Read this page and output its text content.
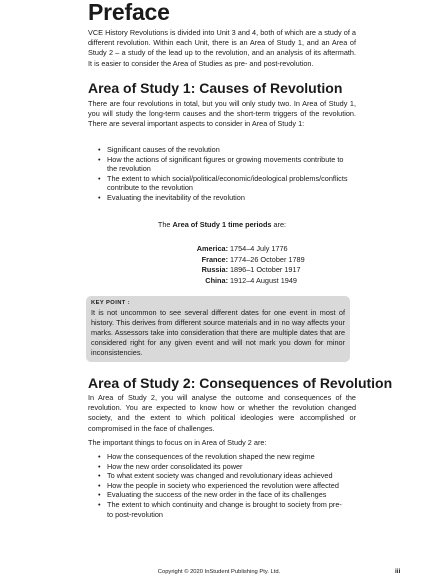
Preface

VCE History Revolutions is divided into Unit 3 and 4, both of which are a study of a different revolution. Within each Unit, there is an Area of Study 1, and an Area of Study 2 – a study of the lead up to the revolution, and an analysis of its aftermath. It is easier to consider the Area of Studies as pre- and post-revolution.

Area of Study 1: Causes of Revolution

There are four revolutions in total, but you will only study two. In Area of Study 1, you will study the long-term causes and the short-term triggers of the revolution. There are several important aspects to consider in Area of Study 1:

• Significant causes of the revolution
• How the actions of significant figures or growing movements contribute to the revolution
• The extent to which social/political/economic/ideological problems/conflicts contribute to the revolution
• Evaluating the inevitability of the revolution
The Area of Study 1 time periods are:
America: 1754–4 July 1776
France: 1774–26 October 1789
Russia: 1896–1 October 1917
China: 1912–4 August 1949

KEY POINT :

It is not uncommon to see several different dates for one event in most of history. This derives from different source materials and in no way affects your marks. Assessors take into consideration that there are multiple dates that are considered right for any given event and will not mark you down for minor inconsistencies.

Area of Study 2: Consequences of Revolution

In Area of Study 2, you will analyse the outcome and consequences of the revolution. You are expected to know how or whether the revolution changed society, and the extent to which political ideologies were accomplished or compromised in the face of challenges.

The important things to focus on in Area of Study 2 are:

• How the consequences of the revolution shaped the new regime
• How the new order consolidated its power
• To what extent society was changed and revolutionary ideas achieved
• How the people in society who experienced the revolution were affected
• Evaluating the success of the new order in the face of its challenges
• The extent to which continuity and change is brought to society from pre- to post-revolution
Copyright © 2020 InStudent Publishing Pty. Ltd.	iii
